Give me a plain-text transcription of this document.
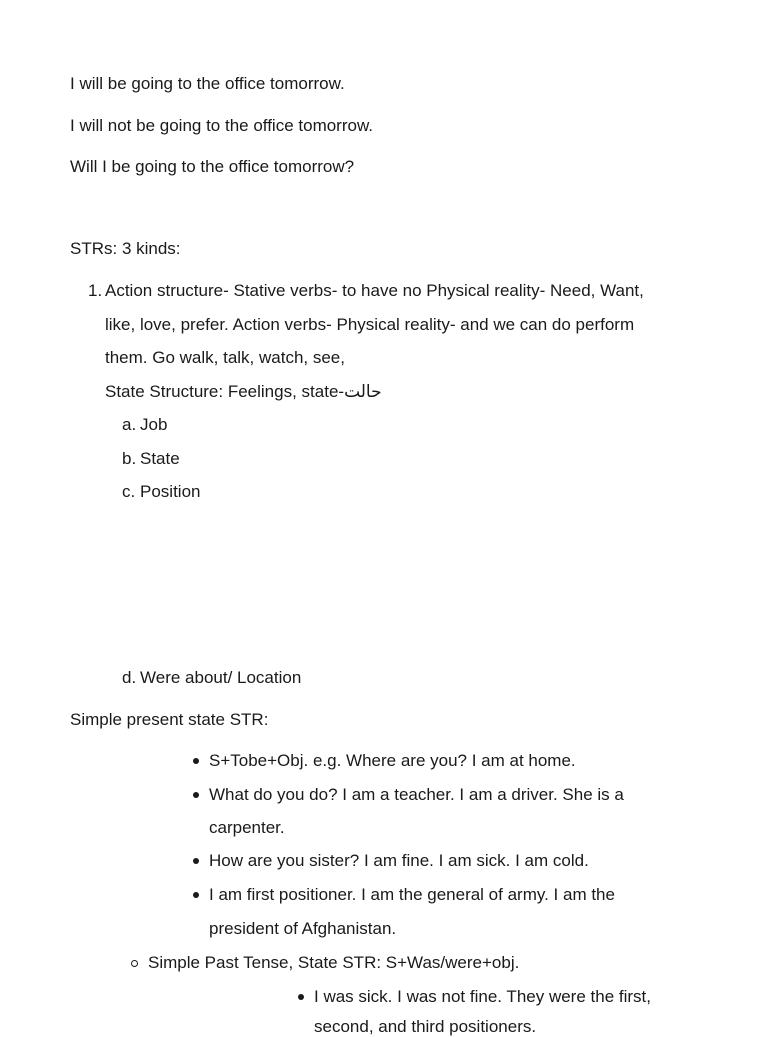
I will be going to the office tomorrow.
I will not be going to the office tomorrow.
Will I be going to the office tomorrow?
STRs: 3 kinds:
1. Action structure- Stative verbs- to have no Physical reality- Need, Want,
like, love, prefer. Action verbs- Physical reality- and we can do perform
them. Go walk, talk, watch, see,
State Structure: Feelings, state-حالت
a. Job
b. State
c. Position
d. Were about/ Location
Simple present state STR:
S+Tobe+Obj. e.g. Where are you? I am at home.
What do you do? I am a teacher. I am a driver. She is a
carpenter.
How are you sister? I am fine. I am sick. I am cold.
I am first positioner. I am the general of army. I am the
president of Afghanistan.
Simple Past Tense, State STR: S+Was/were+obj.
I was sick. I was not fine. They were the first,
second, and third positioners.
